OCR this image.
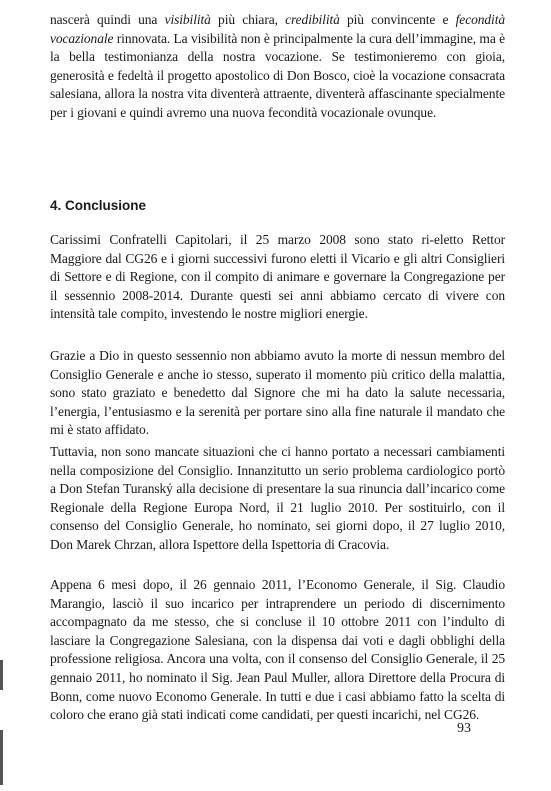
nascerà quindi una visibilità più chiara, credibilità più convincente e fecondità vocazionale rinnovata. La visibilità non è principalmente la cura dell’immagine, ma è la bella testimonianza della nostra vocazione. Se testimonieremo con gioia, generosità e fedeltà il progetto apostolico di Don Bosco, cioè la vocazione consacrata salesiana, allora la nostra vita diventerà attraente, diventerà affascinante specialmente per i giovani e quindi avremo una nuova fecondità vocazionale ovunque.

4. Conclusione

Carissimi Confratelli Capitolari, il 25 marzo 2008 sono stato ri-eletto Rettor Maggiore dal CG26 e i giorni successivi furono eletti il Vicario e gli altri Consiglieri di Settore e di Regione, con il compito di animare e governare la Congregazione per il sessennio 2008-2014. Durante questi sei anni abbiamo cercato di vivere con intensità tale compito, investendo le nostre migliori energie.

Grazie a Dio in questo sessennio non abbiamo avuto la morte di nessun membro del Consiglio Generale e anche io stesso, superato il momento più critico della malattia, sono stato graziato e benedetto dal Signore che mi ha dato la salute necessaria, l’energia, l’entusiasmo e la serenità per portare sino alla fine naturale il mandato che mi è stato affidato.

Tuttavia, non sono mancate situazioni che ci hanno portato a necessari cambiamenti nella composizione del Consiglio. Innanzitutto un serio problema cardiologico portò a Don Stefan Turanský alla decisione di presentare la sua rinuncia dall’incarico come Regionale della Regione Europa Nord, il 21 luglio 2010. Per sostituirlo, con il consenso del Consiglio Generale, ho nominato, sei giorni dopo, il 27 luglio 2010, Don Marek Chrzan, allora Ispettore della Ispettoria di Cracovia.

Appena 6 mesi dopo, il 26 gennaio 2011, l’Economo Generale, il Sig. Claudio Marangio, lasciò il suo incarico per intraprendere un periodo di discernimento accompagnato da me stesso, che si concluse il 10 ottobre 2011 con l’indulto di lasciare la Congregazione Salesiana, con la dispensa dai voti e dagli obblighi della professione religiosa. Ancora una volta, con il consenso del Consiglio Generale, il 25 gennaio 2011, ho nominato il Sig. Jean Paul Muller, allora Direttore della Procura di Bonn, come nuovo Economo Generale. In tutti e due i casi abbiamo fatto la scelta di coloro che erano già stati indicati come candidati, per questi incarichi, nel CG26.

93
